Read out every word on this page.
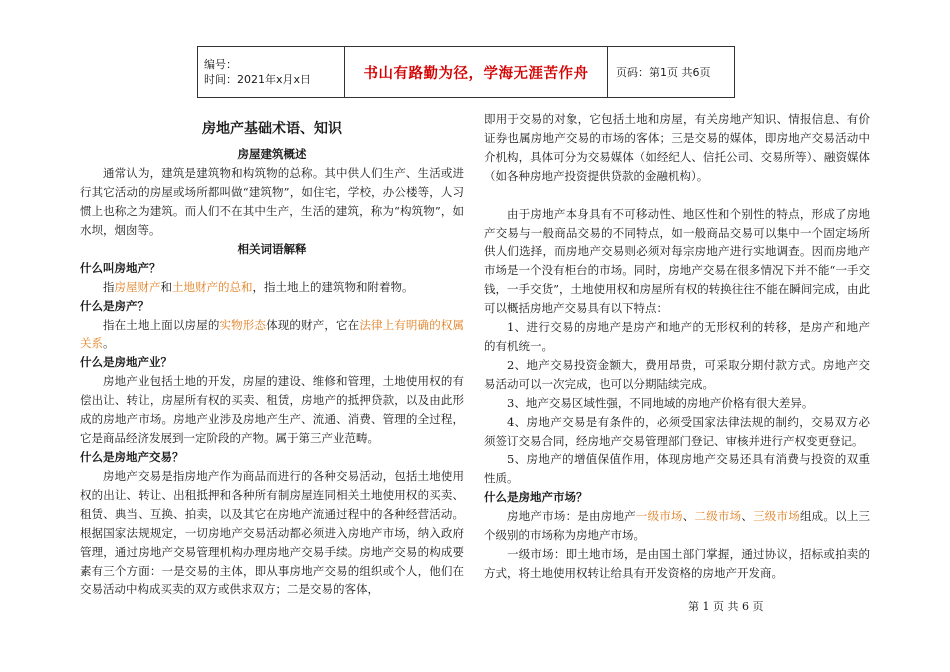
编号：
时间：2021年x月x日	书山有路勤为径，学海无涯苦作舟	页码：第1页 共6页
房地产基础术语、知识
房屋建筑概述

通常认为，建筑是建筑物和构筑物的总称。其中供人们生产、生活或进行其它活动的房屋或场所都叫做“建筑物”，如住宅，学校，办公楼等，人习惯上也称之为建筑。而人们不在其中生产，生活的建筑，称为“构筑物”，如水坝，烟囱等。

相关词语解释
什么叫房地产？

指房屋财产和土地财产的总和，指土地上的建筑物和附着物。

什么是房产？

指在土地上面以房屋的实物形态体现的财产，它在法律上有明确的权属关系。

什么是房地产业？

房地产业包括土地的开发，房屋的建设、维修和管理，土地使用权的有偿出让、转让，房屋所有权的买卖、租赁，房地产的抵押贷款，以及由此形成的房地产市场。房地产业涉及房地产生产、流通、消费、管理的全过程，它是商品经济发展到一定阶段的产物。属于第三产业范畴。

什么是房地产交易？

房地产交易是指房地产作为商品而进行的各种交易活动，包括土地使用权的出让、转让、出租抵押和各种所有制房屋连同相关土地使用权的买卖、租赁、典当、互换、拍卖，以及其它在房地产流通过程中的各种经营活动。根据国家法规规定，一切房地产交易活动都必须进入房地产市场，纳入政府管理，通过房地产交易管理机构办理房地产交易手续。房地产交易的构成要素有三个方面：一是交易的主体，即从事房地产交易的组织或个人，他们在交易活动中构成买卖的双方或供求双方；二是交易的客体，

即用于交易的对象，它包括土地和房屋，有关房地产知识、情报信息、有价证券也属房地产交易的市场的客体；三是交易的媒体，即房地产交易活动中介机构，具体可分为交易媒体（如经纪人、信托公司、交易所等）、融资媒体（如各种房地产投资提供贷款的金融机构）。

由于房地产本身具有不可移动性、地区性和个别性的特点，形成了房地产交易与一般商品交易的不同特点，如一般商品交易可以集中一个固定场所供人们选择，而房地产交易则必须对每宗房地产进行实地调查。因而房地产市场是一个没有柜台的市场。同时，房地产交易在很多情况下并不能“一手交钱，一手交货”，土地使用权和房屋所有权的转换往往不能在瞬间完成，由此可以概括房地产交易具有以下特点：

1、进行交易的房地产是房产和地产的无形权利的转移，是房产和地产的有机统一。

2、地产交易投资金额大，费用昂贵，可采取分期付款方式。房地产交易活动可以一次完成，也可以分期陆续完成。

3、地产交易区域性强，不同地域的房地产价格有很大差异。

4、房地产交易是有条件的，必须受国家法律法规的制约，交易双方必须签订交易合同，经房地产交易管理部门登记、审核并进行产权变更登记。

5、房地产的增值保值作用，体现房地产交易还具有消费与投资的双重性质。

什么是房地产市场？

房地产市场：是由房地产一级市场、二级市场、三级市场组成。以上三个级别的市场称为房地产市场。

一级市场：即土地市场，是由国土部门掌握，通过协议，招标或拍卖的方式，将土地使用权转让给具有开发资格的房地产开发商。

第 1 页 共 6 页
